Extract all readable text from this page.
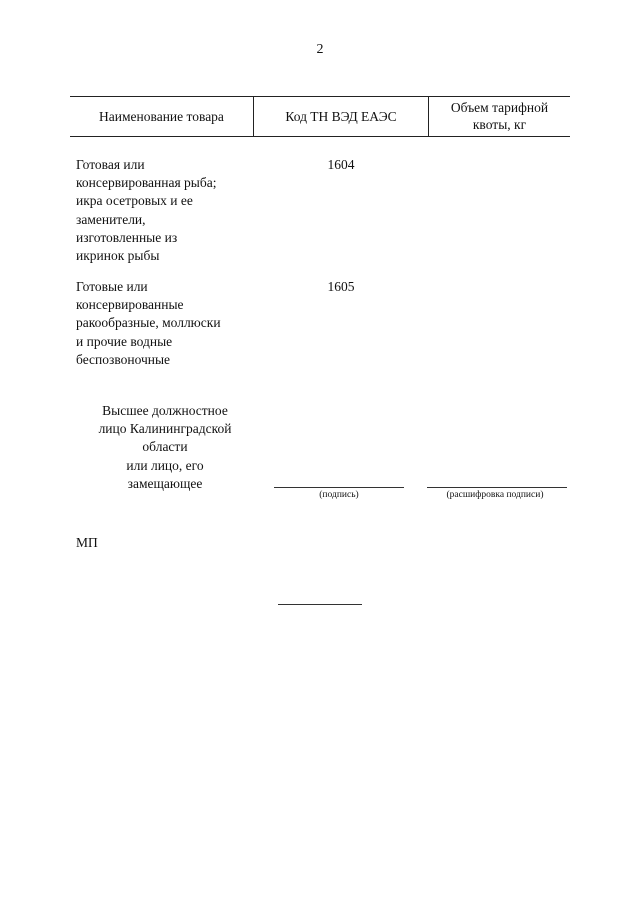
2
Наименование товара	Код ТН ВЭД ЕАЭС
Объем тарифной квоты, кг
Готовая или
консервированная рыба;
икра осетровых и ее
заменители,
изготовленные из
икринок рыбы
1604
Готовые или
консервированные
ракообразные, моллюски
и прочие водные
беспозвоночные
1605
Высшее должностное
лицо Калининградской
области
или лицо, его
замещающее
(подпись)	(расшифровка подписи)
МП
